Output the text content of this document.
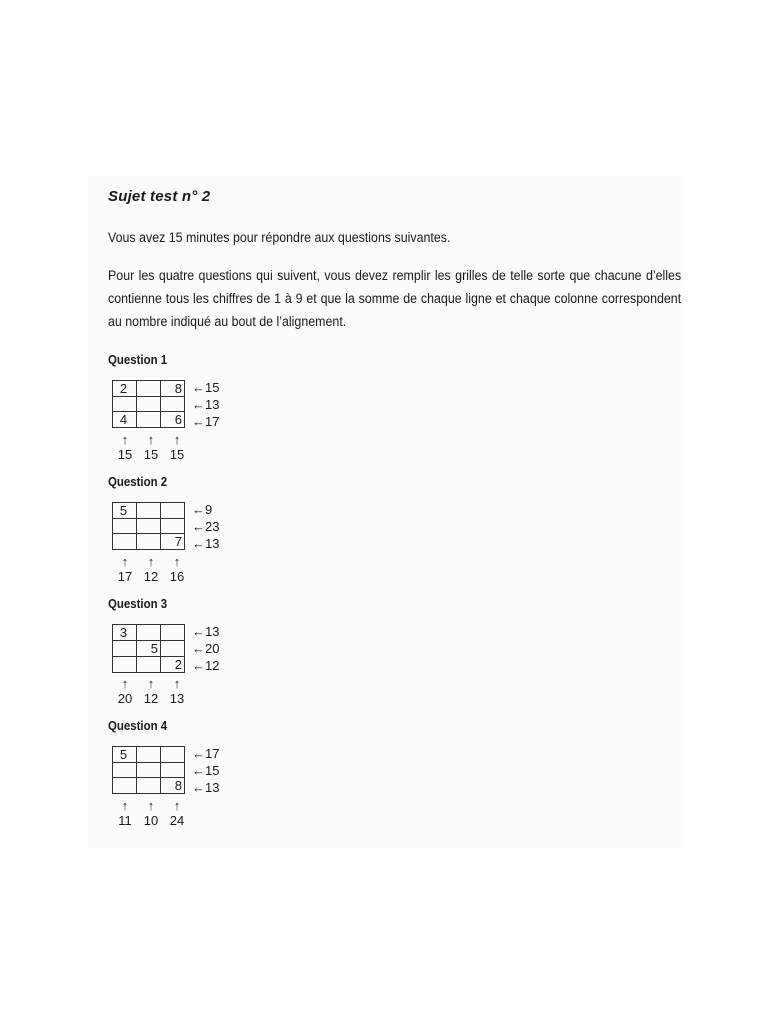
Sujet test n° 2
Vous avez 15 minutes pour répondre aux questions suivantes.
Pour les quatre questions qui suivent, vous devez remplir les grilles de telle sorte que chacune d’elles contienne tous les chiffres de 1 à 9 et que la somme de chaque ligne et chaque colonne correspondent au nombre indiqué au bout de l’alignement.
Question 1
2		8

4		6
←15
←13
←17
↑ ↑ ↑
15 15 15
Question 2
5		

		7
←9
←23
←13
↑ ↑ ↑
17 12 16
Question 3
3		
	5	
		2
←13
←20
←12
↑ ↑ ↑
20 12 13
Question 4
5		

		8
←17
←15
←13
↑ ↑ ↑
11 10 24
